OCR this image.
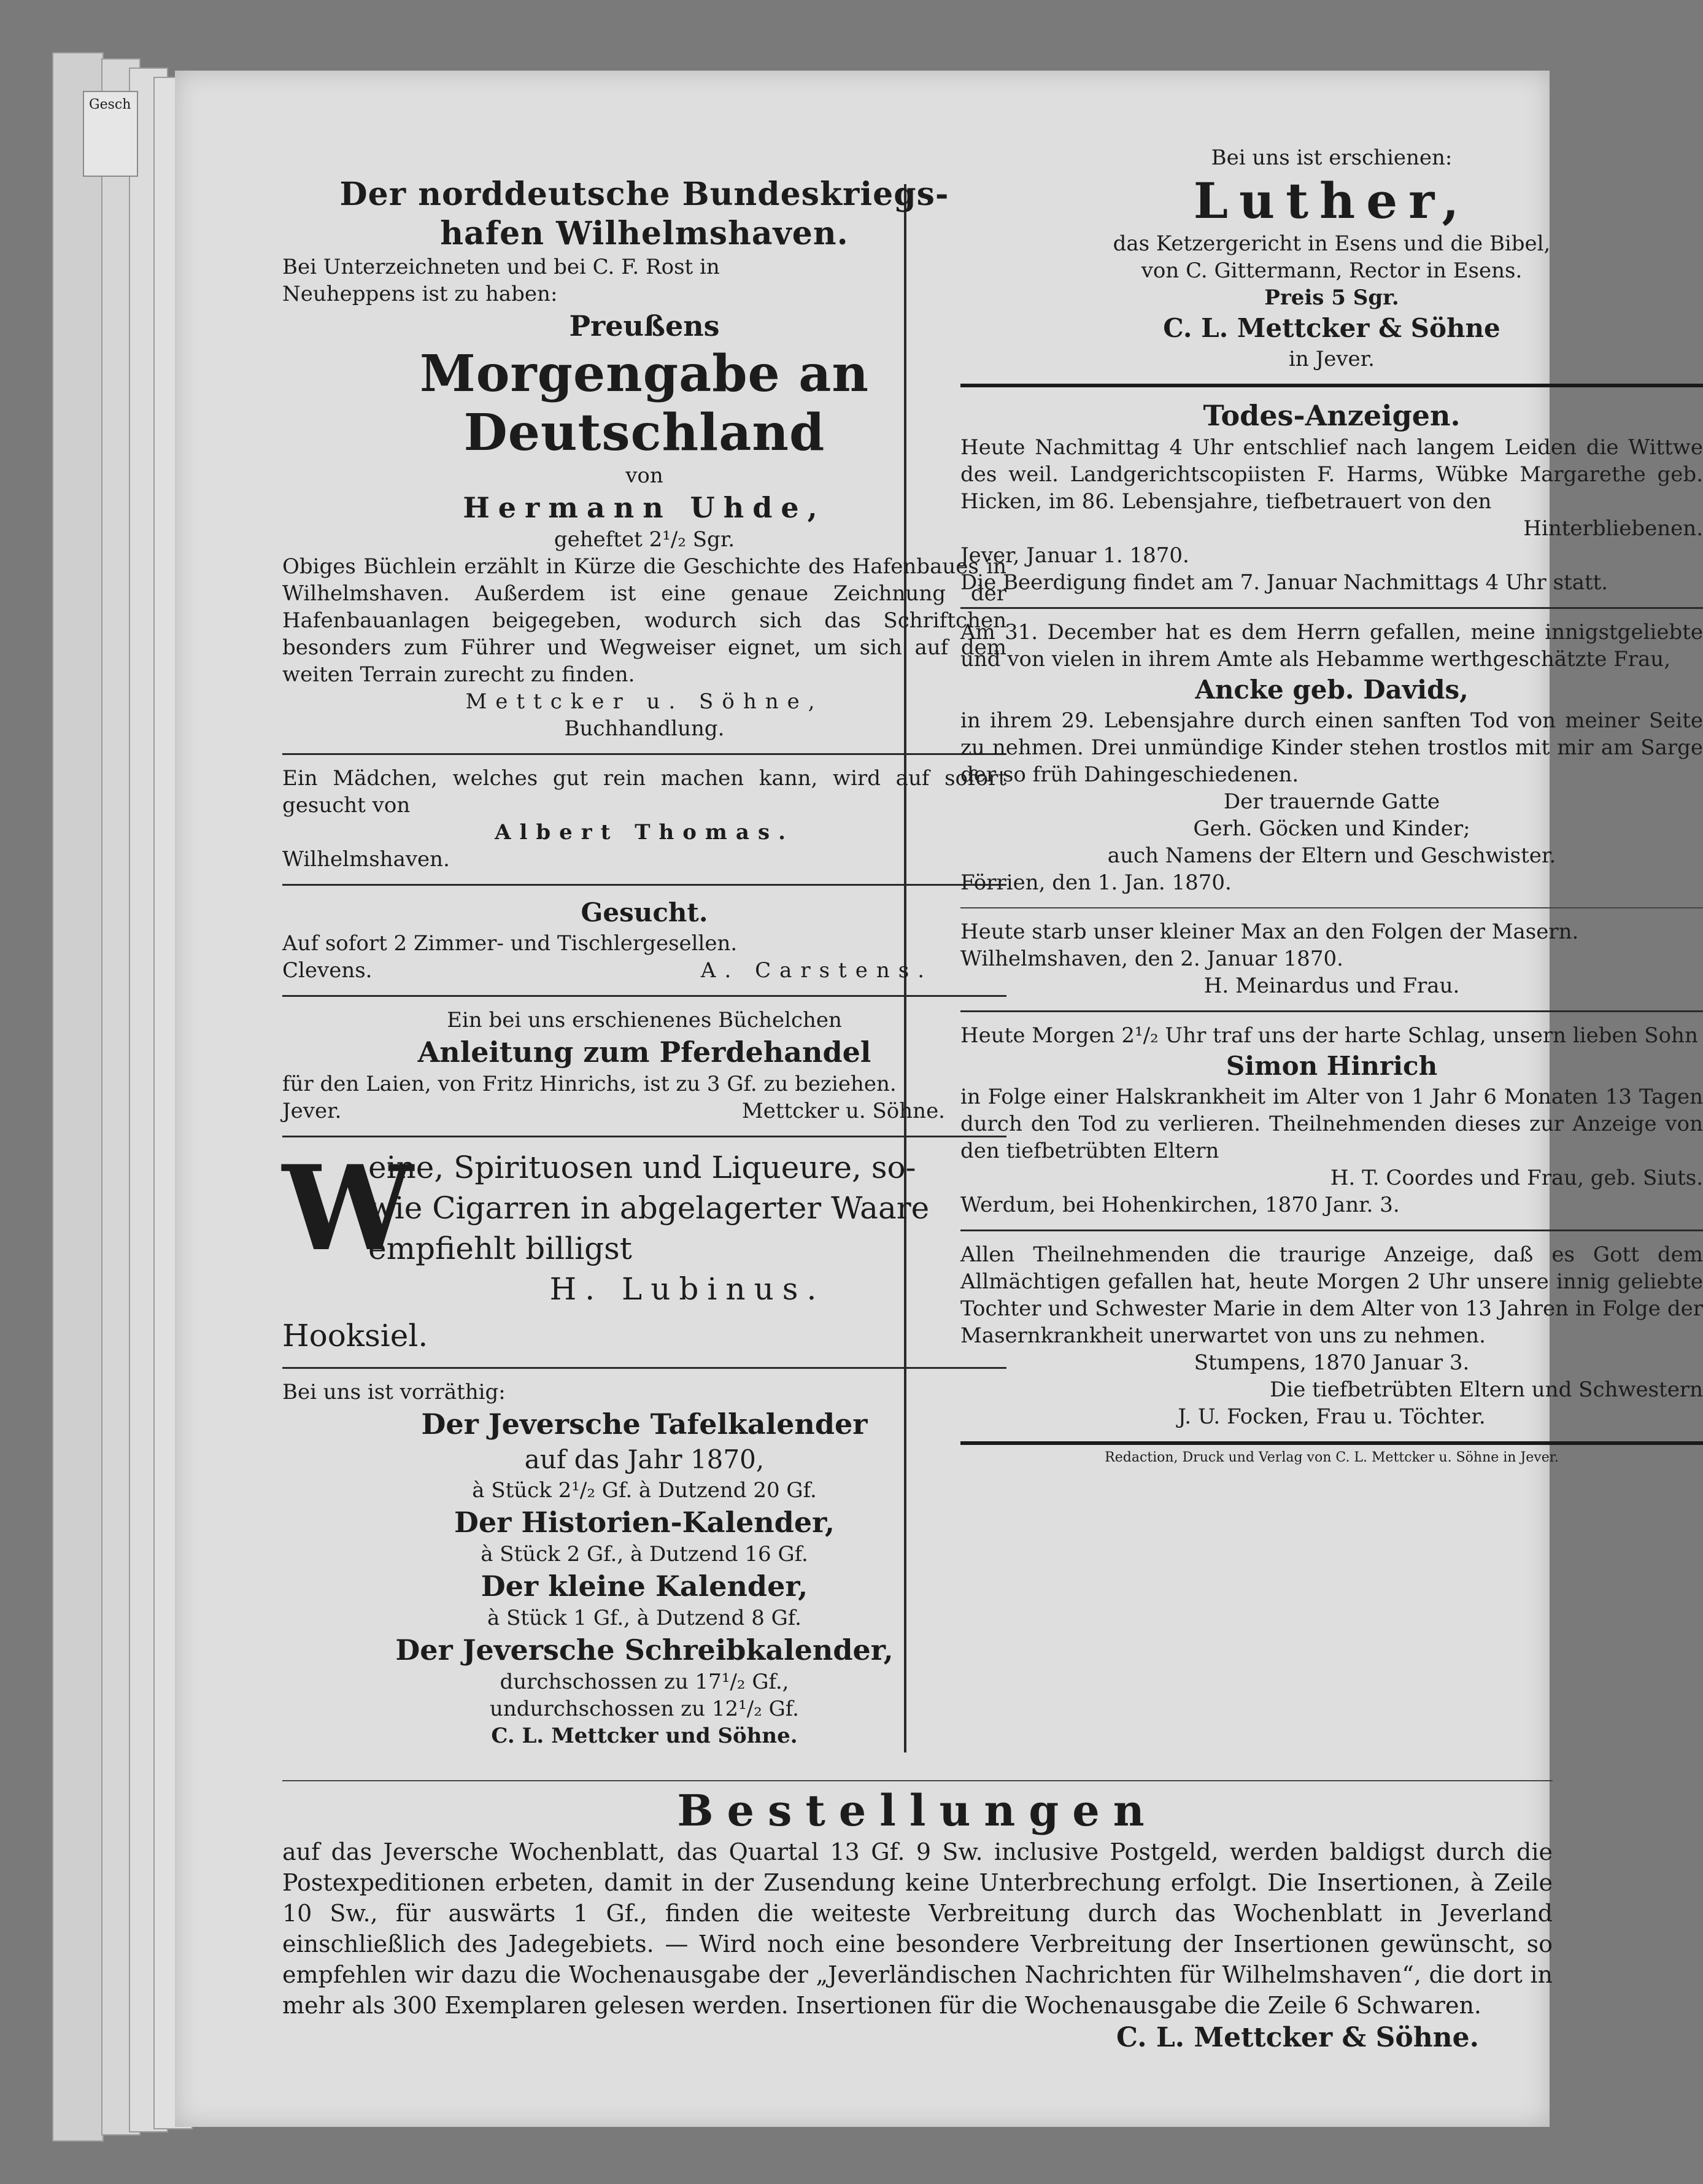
Gesch
Der norddeutsche Bundeskriegs-
hafen Wilhelmshaven.
Bei Unterzeichneten und bei C. F. Rost in
Neuheppens ist zu haben:
Preußens
Morgengabe an Deutschland
von
Hermann Uhde,
geheftet 2¹/₂ Sgr.
Obiges Büchlein erzählt in Kürze die Geschichte des Hafenbaues in Wilhelmshaven. Außerdem ist eine genaue Zeichnung der Hafenbauanlagen beigegeben, wodurch sich das Schriftchen besonders zum Führer und Wegweiser eignet, um sich auf dem weiten Terrain zurecht zu finden.
Mettcker u. Söhne,
Buchhandlung.
Ein Mädchen, welches gut rein machen kann, wird auf sofort gesucht von
Albert Thomas.
Wilhelmshaven.
Gesucht.
Auf sofort 2 Zimmer- und Tischlergesellen.
Clevens.	A. Carstens.
Ein bei uns erschienenes Büchelchen
Anleitung zum Pferdehandel
für den Laien, von Fritz Hinrichs, ist zu 3 Gf. zu beziehen.
Jever.	Mettcker u. Söhne.
W
eine, Spirituosen und Liqueure, so-
wie Cigarren in abgelagerter Waare
empfiehlt billigst
H. Lubinus.
Hooksiel.
Bei uns ist vorräthig:
Der Jeversche Tafelkalender
auf das Jahr 1870,
à Stück 2¹/₂ Gf. à Dutzend 20 Gf.
Der Historien-Kalender,
à Stück 2 Gf., à Dutzend 16 Gf.
Der kleine Kalender,
à Stück 1 Gf., à Dutzend 8 Gf.
Der Jeversche Schreibkalender,
durchschossen zu 17¹/₂ Gf.,
undurchschossen zu 12¹/₂ Gf.
C. L. Mettcker und Söhne.
Bei uns ist erschienen:
Luther,
das Ketzergericht in Esens und die Bibel,
von C. Gittermann, Rector in Esens.
Preis 5 Sgr.
C. L. Mettcker & Söhne
in Jever.
Todes-Anzeigen.
Heute Nachmittag 4 Uhr entschlief nach langem Leiden die Wittwe des weil. Landgerichtscopiisten F. Harms, Wübke Margarethe geb. Hicken, im 86. Lebensjahre, tiefbetrauert von den
Hinterbliebenen.
Jever, Januar 1. 1870.
Die Beerdigung findet am 7. Januar Nachmittags 4 Uhr statt.
Am 31. December hat es dem Herrn gefallen, meine innigstgeliebte und von vielen in ihrem Amte als Hebamme werthgeschätzte Frau,
Ancke geb. Davids,
in ihrem 29. Lebensjahre durch einen sanften Tod von meiner Seite zu nehmen. Drei unmündige Kinder stehen trostlos mit mir am Sarge der so früh Dahingeschiedenen.
Der trauernde Gatte
Gerh. Göcken und Kinder;
auch Namens der Eltern und Geschwister.
Förrien, den 1. Jan. 1870.
Heute starb unser kleiner Max an den Folgen der Masern.
Wilhelmshaven, den 2. Januar 1870.
H. Meinardus und Frau.
Heute Morgen 2¹/₂ Uhr traf uns der harte Schlag, unsern lieben Sohn
Simon Hinrich
in Folge einer Halskrankheit im Alter von 1 Jahr 6 Monaten 13 Tagen durch den Tod zu verlieren. Theilnehmenden dieses zur Anzeige von den tiefbetrübten Eltern
H. T. Coordes und Frau, geb. Siuts.
Werdum, bei Hohenkirchen, 1870 Janr. 3.
Allen Theilnehmenden die traurige Anzeige, daß es Gott dem Allmächtigen gefallen hat, heute Morgen 2 Uhr unsere innig geliebte Tochter und Schwester Marie in dem Alter von 13 Jahren in Folge der Masernkrankheit unerwartet von uns zu nehmen.
Stumpens, 1870 Januar 3.
Die tiefbetrübten Eltern und Schwestern
J. U. Focken, Frau u. Töchter.
Redaction, Druck und Verlag von C. L. Mettcker u. Söhne in Jever.
Bestellungen
auf das Jeversche Wochenblatt, das Quartal 13 Gf. 9 Sw. inclusive Postgeld, werden baldigst durch die Postexpeditionen erbeten, damit in der Zusendung keine Unterbrechung erfolgt. Die Insertionen, à Zeile 10 Sw., für auswärts 1 Gf., finden die weiteste Verbreitung durch das Wochenblatt in Jeverland einschließlich des Jadegebiets. — Wird noch eine besondere Verbreitung der Insertionen gewünscht, so empfehlen wir dazu die Wochenausgabe der „Jeverländischen Nachrichten für Wilhelmshaven“, die dort in mehr als 300 Exemplaren gelesen werden. Insertionen für die Wochenausgabe die Zeile 6 Schwaren.
C. L. Mettcker & Söhne.
